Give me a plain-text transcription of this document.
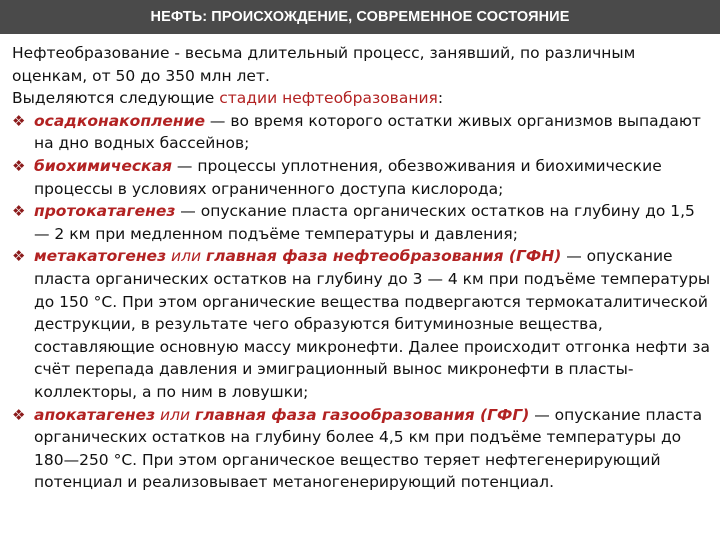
НЕФТЬ: ПРОИСХОЖДЕНИЕ, СОВРЕМЕННОЕ СОСТОЯНИЕ

Нефтеобразование - весьма длительный процесс, занявший, по различным

оценкам, от 50 до 350 млн лет.

Выделяются следующие стадии нефтеобразования:

❖ осадконакопление — во время которого остатки живых организмов выпадают на дно водных бассейнов;

❖ биохимическая — процессы уплотнения, обезвоживания и биохимические процессы в условиях ограниченного доступа кислорода;

❖ протокатагенез — опускание пласта органических остатков на глубину до 1,5 — 2 км при медленном подъёме температуры и давления;

❖ метакатогенез или главная фаза нефтеобразования (ГФН) — опускание пласта органических остатков на глубину до 3 — 4 км при подъёме температуры до 150 °С. При этом органические вещества подвергаются термокаталитической деструкции, в результате чего образуются битуминозные вещества, составляющие основную массу микронефти. Далее происходит отгонка нефти за счёт перепада давления и эмиграционный вынос микронефти в пласты-коллекторы, а по ним в ловушки;

❖ апокатагенез или главная фаза газообразования (ГФГ) — опускание пласта органических остатков на глубину более 4,5 км при подъёме температуры до 180—250 °С. При этом органическое вещество теряет нефтегенерирующий потенциал и реализовывает метаногенерирующий потенциал.
